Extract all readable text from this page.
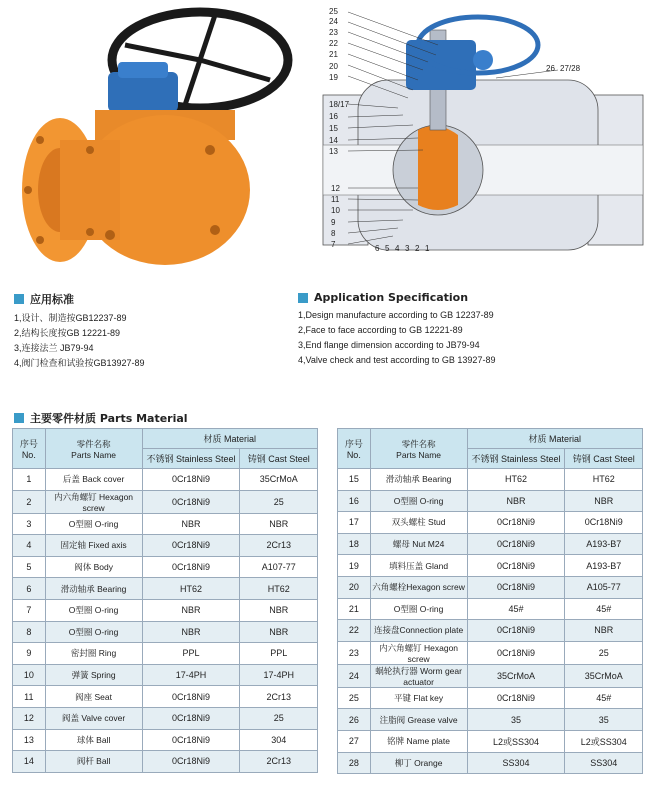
25
24
23
22
21
20
19
18/17
16
15
14
13
12
11
10
9
8
7	6 5 4 3 2 1
26 27/28
应用标准
1,设计、制造按GB12237-89
2,结构长度按GB 12221-89
3,连接法兰 JB79-94
4,阀门检查和试验按GB13927-89
Application Specification
1,Design manufacture according to GB 12237-89
2,Face to face according to GB 12221-89
3,End flange dimension according to JB79-94
4,Valve check and test according to GB 13927-89
主要零件材质 Parts Material
序号
No.	零件名称
Parts Name	材质 Material	
		不锈钢 Stainless Steel	铸钢 Cast Steel
1	后盖 Back cover	0Cr18Ni9	35CrMoA
2	内六角螺钉 Hexagon screw	0Cr18Ni9	25
3	O型圈 O-ring	NBR	NBR
4	固定轴 Fixed axis	0Cr18Ni9	2Cr13
5	阀体 Body	0Cr18Ni9	A107-77
6	滑动轴承 Bearing	HT62	HT62
7	O型圈 O-ring	NBR	NBR
8	O型圈 O-ring	NBR	NBR
9	密封圈 Ring	PPL	PPL
10	弹簧 Spring	17-4PH	17-4PH
11	阀座 Seat	0Cr18Ni9	2Cr13
12	阀盖 Valve cover	0Cr18Ni9	25
13	球体 Ball	0Cr18Ni9	304
14	阀杆 Ball	0Cr18Ni9	2Cr13
序号
No.	零件名称
Parts Name	材质 Material	
		不锈钢 Stainless Steel	铸钢 Cast Steel
15	滑动轴承 Bearing	HT62	HT62
16	O型圈 O-ring	NBR	NBR
17	双头螺柱 Stud	0Cr18Ni9	0Cr18Ni9
18	螺母 Nut M24	0Cr18Ni9	A193-B7
19	填料压盖 Gland	0Cr18Ni9	A193-B7
20	六角螺栓Hexagon screw	0Cr18Ni9	A105-77
21	O型圈 O-ring	45#	45#
22	连接盘Connection plate	0Cr18Ni9	NBR
23	内六角螺钉 Hexagon screw	0Cr18Ni9	25
24	蜗轮执行器 Worm gear actuator	35CrMoA	35CrMoA
25	平键 Flat key	0Cr18Ni9	45#
26	注脂阀 Grease valve	35	35
27	铭牌 Name plate	L2或SS304	L2或SS304
28	柳丁 Orange	SS304	SS304
